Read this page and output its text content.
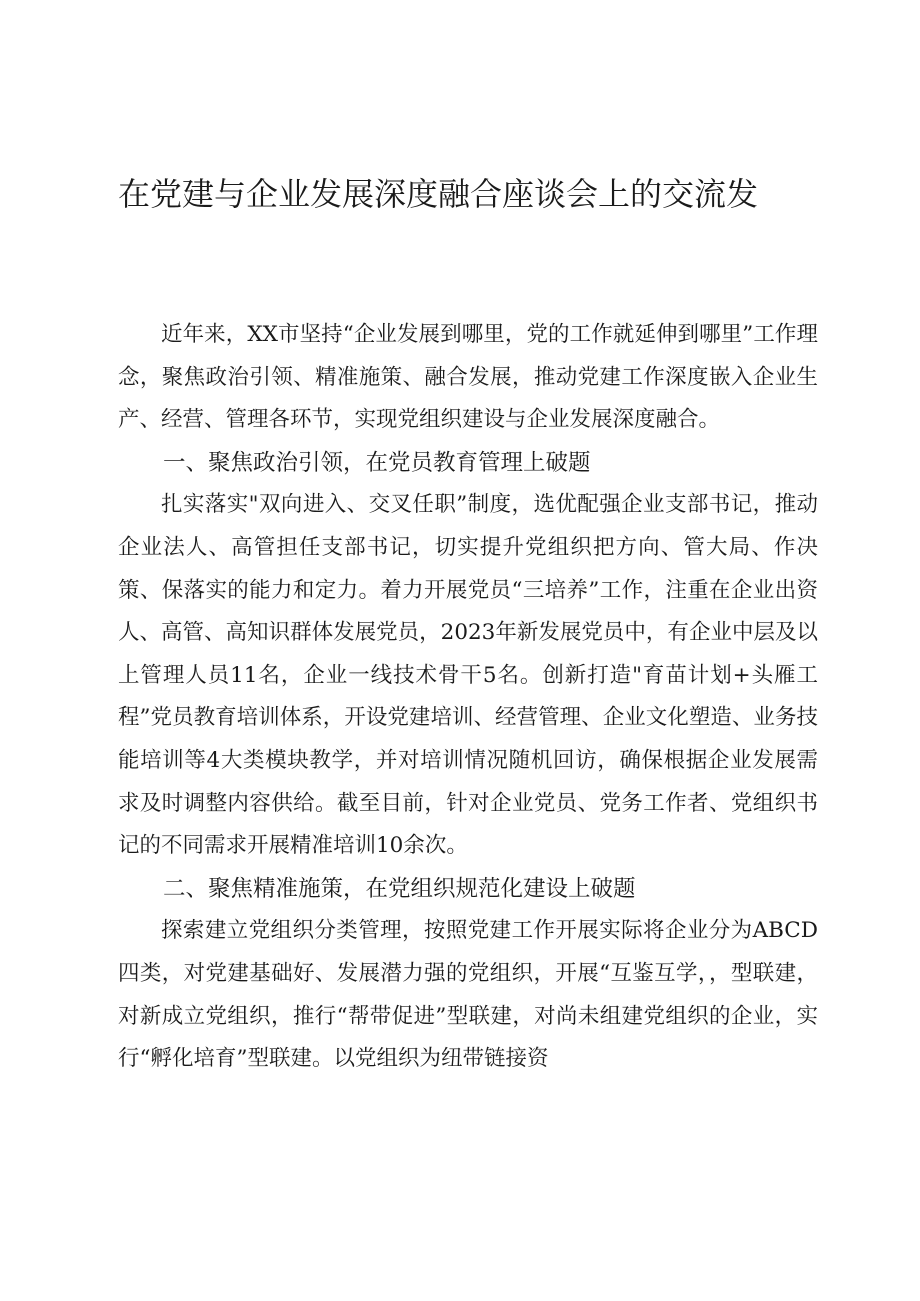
在党建与企业发展深度融合座谈会上的交流发

近年来，XX市坚持“企业发展到哪里，党的工作就延伸到哪里”工作理念，聚焦政治引领、精准施策、融合发展，推动党建工作深度嵌入企业生产、经营、管理各环节，实现党组织建设与企业发展深度融合。

一、聚焦政治引领，在党员教育管理上破题

扎实落实"双向进入、交叉任职”制度，选优配强企业支部书记，推动企业法人、高管担任支部书记，切实提升党组织把方向、管大局、作决策、保落实的能力和定力。着力开展党员“三培养”工作，注重在企业出资人、高管、高知识群体发展党员，2023年新发展党员中，有企业中层及以上管理人员11名，企业一线技术骨干5名。创新打造"育苗计划+头雁工程”党员教育培训体系，开设党建培训、经营管理、企业文化塑造、业务技能培训等4大类模块教学，并对培训情况随机回访，确保根据企业发展需求及时调整内容供给。截至目前，针对企业党员、党务工作者、党组织书记的不同需求开展精准培训10余次。

二、聚焦精准施策，在党组织规范化建设上破题

探索建立党组织分类管理，按照党建工作开展实际将企业分为ABCD四类，对党建基础好、发展潜力强的党组织，开展“互鉴互学，，型联建，对新成立党组织，推行“帮带促进”型联建，对尚未组建党组织的企业，实行“孵化培育”型联建。以党组织为纽带链接资
